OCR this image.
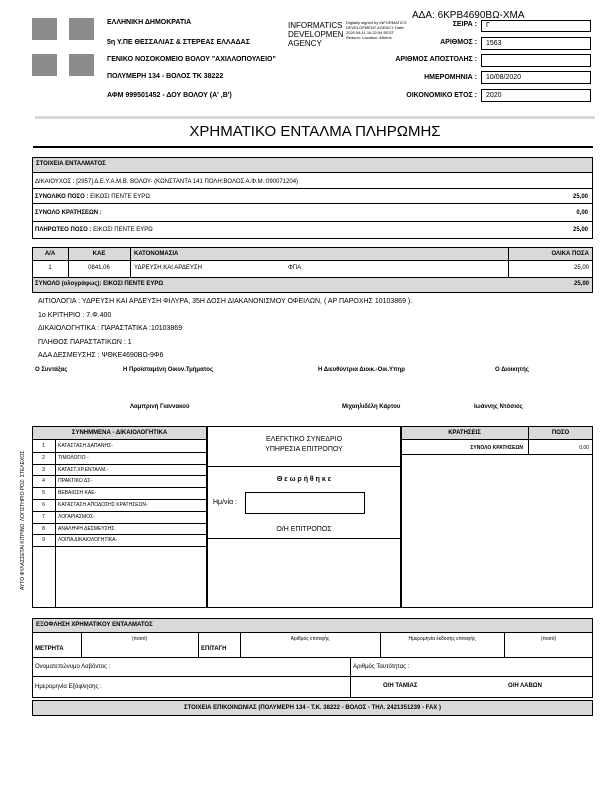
ΕΛΛΗΝΙΚΗ ΔΗΜΟΚΡΑΤΙΑ
5η Υ.ΠΕ ΘΕΣΣΑΛΙΑΣ & ΣΤΕΡΕΑΣ ΕΛΛΑΔΑΣ
ΓΕΝΙΚΟ ΝΟΣΟΚΟΜΕΙΟ ΒΟΛΟΥ "ΑΧΙΛΛΟΠΟΥΛΕΙΟ"
ΠΟΛΥΜΕΡΗ 134 - ΒΟΛΟΣ ΤΚ 38222
ΑΦΜ 999501452 - ΔΟΥ ΒΟΛΟΥ (Α' ,Β')
INFORMATICS
DEVELOPMEN
AGENCY
Digitally signed by INFORMATICS DEVELOPMENT AGENCY Date: 2020.08.11 10:32:54 EEST Reason: Location: Athens
ΑΔΑ: 6ΚΡΒ4690ΒΩ-ΧΜΑ
ΣΕΙΡΑ :	Γ
ΑΡΙΘΜΟΣ :	1563
ΑΡΙΘΜΟΣ ΑΠΟΣΤΟΛΗΣ :
ΗΜΕΡΟΜΗΝΙΑ :	10/08/2020
ΟΙΚΟΝΟΜΙΚΟ ΕΤΟΣ :	2020
ΧΡΗΜΑΤΙΚΟ ΕΝΤΑΛΜΑ ΠΛΗΡΩΜΗΣ
ΣΤΟΙΧΕΙΑ ΕΝΤΑΛΜΑΤΟΣ
ΔΙΚΑΙΟΥΧΟΣ : [2957] Δ.Ε.Υ.Α.Μ.Β. ΒΟΛΟΥ- (ΚΩΝΣΤΑΝΤΑ 141 ΠΟΛΗ:ΒΟΛΟΣ Α.Φ.Μ.:090071204)
ΣΥΝΟΛΙΚΟ ΠΟΣΟ : ΕΙΚΟΣΙ ΠΕΝΤΕ ΕΥΡΩ	25,00
ΣΥΝΟΛΟ ΚΡΑΤΗΣΕΩΝ :	0,00
ΠΛΗΡΩΤΕΟ ΠΟΣΟ : ΕΙΚΟΣΙ ΠΕΝΤΕ ΕΥΡΩ	25,00
Α/Α	ΚΑΕ	ΚΑΤΟΝΟΜΑΣΙΑ	ΟΛΙΚΑ ΠΟΣΑ
1	0841.06	ΥΔΡΕΥΣΗ ΚΑΙ ΑΡΔΕΥΣΗ	ΦΠΑ	25,00
ΣΥΝΟΛΟ (ολογράφως): ΕΙΚΟΣΙ ΠΕΝΤΕ ΕΥΡΩ	25,00
ΑΙΤΙΟΛΟΓΙΑ : ΥΔΡΕΥΣΗ ΚΑΙ ΑΡΔΕΥΣΗ ΦΙΛΥΡΑ, 35Η ΔΟΣΗ ΔΙΑΚΑΝΟΝΙΣΜΟΥ ΟΦΕΙΛΩΝ, ( ΑΡ ΠΑΡΟΧΗΣ 10103869 ).
1ο ΚΡΙΤΗΡΙΟ : 7.Φ.400
ΔΙΚΑΙΟΛΟΓΗΤΙΚΑ : ΠΑΡΑΣΤΑΤΙΚΑ :10103869
ΠΛΗΘΟΣ ΠΑΡΑΣΤΑΤΙΚΩΝ : 1
ΑΔΑ ΔΕΣΜΕΥΣΗΣ : ΨΘΚΕ4690ΒΩ-9Φ6
Ο Συντάξας	Η Προϊσταμένη Οικον.Τμήματος	Η Διευθύντρια Διοικ.-Οικ.Υπηρ	Ο Διοικητής
Λαμπρινή Γιαννακού	Μιχαηλιδέλη Κάρτου	Ιωάννης Ντόσιος
ΑΥΤΟ ΦΥΛΑΣΣΕΤΑΙ ΚΙΤΡΙΝΟ: ΛΟΓΙΣΤΗΡΙΟ ΡΟΖ: ΣΤΕΛΕΧΟΣ
ΣΥΝΗΜΜΕΝΑ - ΔΙΚΑΙΟΛΟΓΗΤΙΚΑ
1	ΚΑΤΑΣΤΑΣΗ ΔΑΠΑΝΗΣ-
2	ΤΙΜΟΛΟΓΙΟ -
3	ΚΑΤΑΣΤ.ΧΡ.ΕΝΤΑΛΜ.-
4	ΠΡΑΚΤΙΚΟ ΔΣ-
5	ΒΕΒΑΙΩΣΗ ΚΑΕ-
6	ΚΑΤΑΣΤΑΣΗ ΑΠΟΔΟΣΗΣ ΚΡΑΤΗΣΕΩΝ-
7	ΛΟΓΑΡΙΑΣΜΟΣ-
8	ΑΝΑΛΗΨΗ ΔΕΣΜΕΥΣΗΣ
9	ΛΟΙΠΑ ΔΙΚΑΙΟΛΟΓΗΤΙΚΑ-
ΕΛΕΓΚΤΙΚΟ ΣΥΝΕΔΡΙΟ
ΥΠΗΡΕΣΙΑ ΕΠΙΤΡΟΠΟΥ
Θ ε ω ρ ή θ η κ ε
Ημ/νία :
Ο/Η ΕΠΙΤΡΟΠΟΣ
ΚΡΑΤΗΣΕΙΣ	ΠΟΣΟ
ΣΥΝΟΛΟ ΚΡΑΤΗΣΕΩΝ	0,00
ΕΞΟΦΛΗΣΗ ΧΡΗΜΑΤΙΚΟΥ ΕΝΤΑΛΜΑΤΟΣ
ΜΕΤΡΗΤΑ
(ποσό)
ΕΠΙΤΑΓΗ
Αριθμός επιταγής	Ημερομηνία έκδοσης επιταγής	(ποσό)
Ονοματεπώνυμο Λαβόντος :	Αριθμός Ταυτότητας :
Ημερομηνία Εξόφλησης :	Ο/Η ΤΑΜΙΑΣ	Ο/Η ΛΑΒΩΝ
ΣΤΟΙΧΕΙΑ ΕΠΙΚΟΙΝΩΝΙΑΣ (ΠΟΛΥΜΕΡΗ 134 - Τ.Κ. 38222 - ΒΟΛΟΣ - ΤΗΛ. 2421351239 - FAX )
